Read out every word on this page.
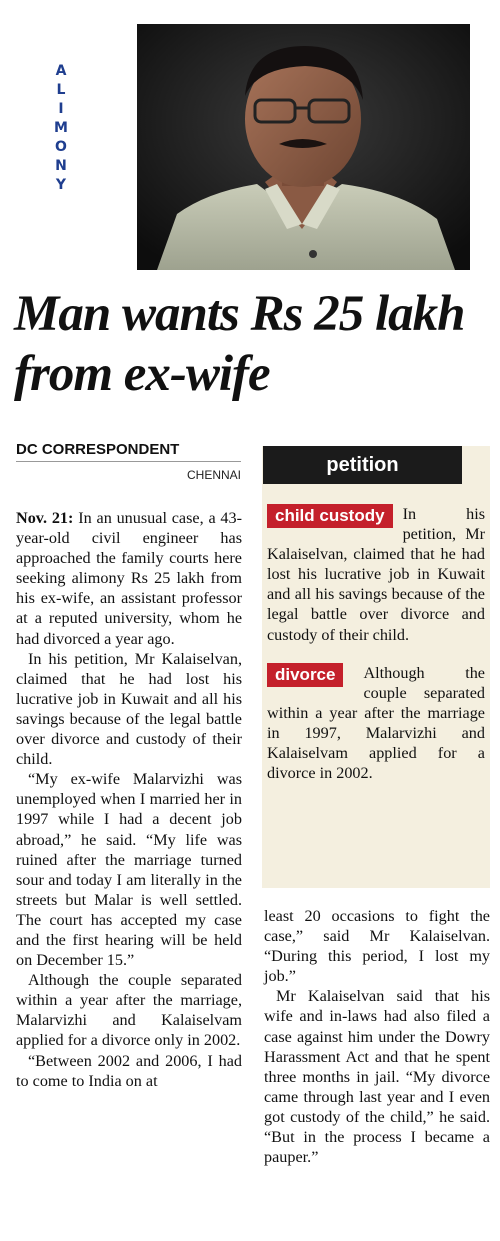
A
L
I
M
O
N
Y
Man wants Rs 25 lakh from ex-wife
DC CORRESPONDENT
CHENNAI

Nov. 21: In an unusual case, a 43-year-old civil engineer has approached the family courts here seeking alimony Rs 25 lakh from his ex-wife, an assistant professor at a reputed university, whom he had divorced a year ago.

In his petition, Mr Kalaiselvan, claimed that he had lost his lucrative job in Kuwait and all his savings because of the legal battle over divorce and custody of their child.

“My ex-wife Malarvizhi was unemployed when I married her in 1997 while I had a decent job abroad,” he said. “My life was ruined after the marriage turned sour and today I am literally in the streets but Malar is well settled. The court has accepted my case and the first hearing will be held on December 15.”

Although the couple separated within a year after the marriage, Malarvizhi and Kalaiselvam applied for a divorce only in 2002.

“Between 2002 and 2006, I had to come to India on at

petition

child custody	In his petition, Mr Kalaiselvan, claimed that he had lost his lucrative job in Kuwait and all his savings because of the legal battle over divorce and custody of their child.

divorce	Although the couple separated within a year after the marriage in 1997, Malarvizhi and Kalaiselvam applied for a divorce in 2002.

least 20 occasions to fight the case,” said Mr Kalaiselvan. “During this period, I lost my job.”

Mr Kalaiselvan said that his wife and in-laws had also filed a case against him under the Dowry Harassment Act and that he spent three months in jail. “My divorce came through last year and I even got custody of the child,” he said. “But in the process I became a pauper.”
